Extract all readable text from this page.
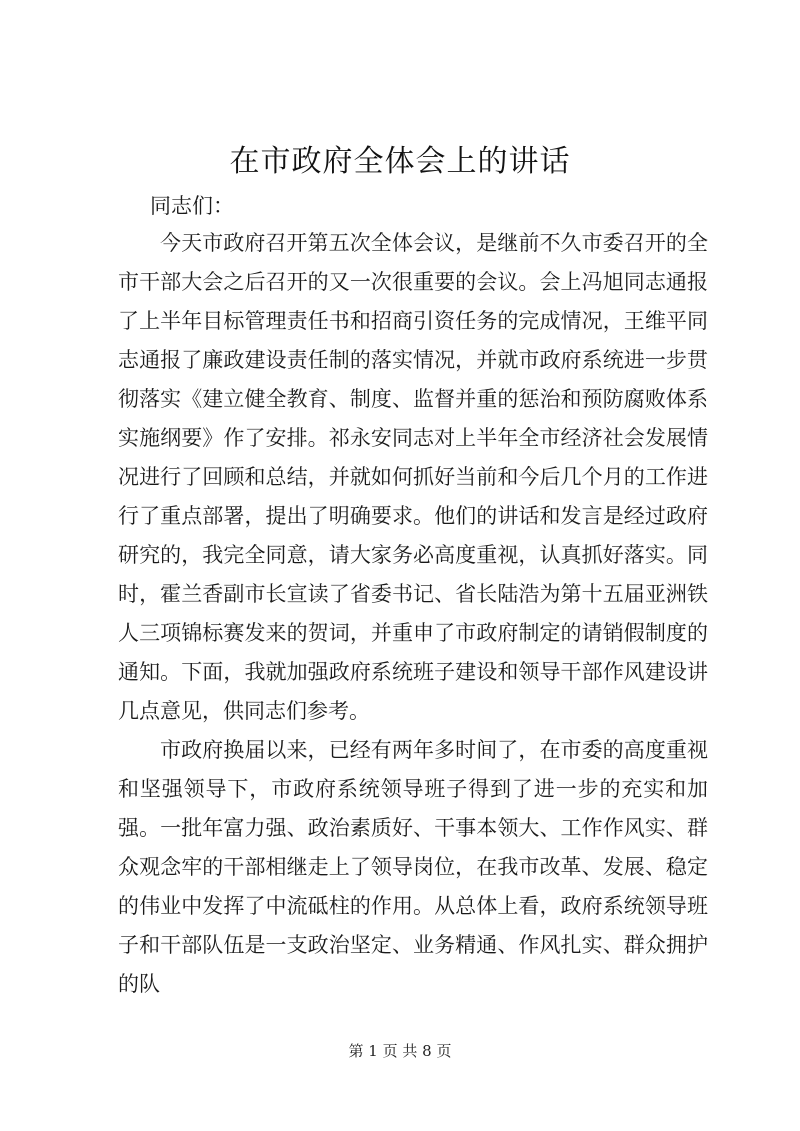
在市政府全体会上的讲话

同志们：

今天市政府召开第五次全体会议，是继前不久市委召开的全市干部大会之后召开的又一次很重要的会议。会上冯旭同志通报了上半年目标管理责任书和招商引资任务的完成情况，王维平同志通报了廉政建设责任制的落实情况，并就市政府系统进一步贯彻落实《建立健全教育、制度、监督并重的惩治和预防腐败体系实施纲要》作了安排。祁永安同志对上半年全市经济社会发展情况进行了回顾和总结，并就如何抓好当前和今后几个月的工作进行了重点部署，提出了明确要求。他们的讲话和发言是经过政府研究的，我完全同意，请大家务必高度重视，认真抓好落实。同时，霍兰香副市长宣读了省委书记、省长陆浩为第十五届亚洲铁人三项锦标赛发来的贺词，并重申了市政府制定的请销假制度的通知。下面，我就加强政府系统班子建设和领导干部作风建设讲几点意见，供同志们参考。

市政府换届以来，已经有两年多时间了，在市委的高度重视和坚强领导下，市政府系统领导班子得到了进一步的充实和加强。一批年富力强、政治素质好、干事本领大、工作作风实、群众观念牢的干部相继走上了领导岗位，在我市改革、发展、稳定的伟业中发挥了中流砥柱的作用。从总体上看，政府系统领导班子和干部队伍是一支政治坚定、业务精通、作风扎实、群众拥护的队

第 1 页 共 8 页
